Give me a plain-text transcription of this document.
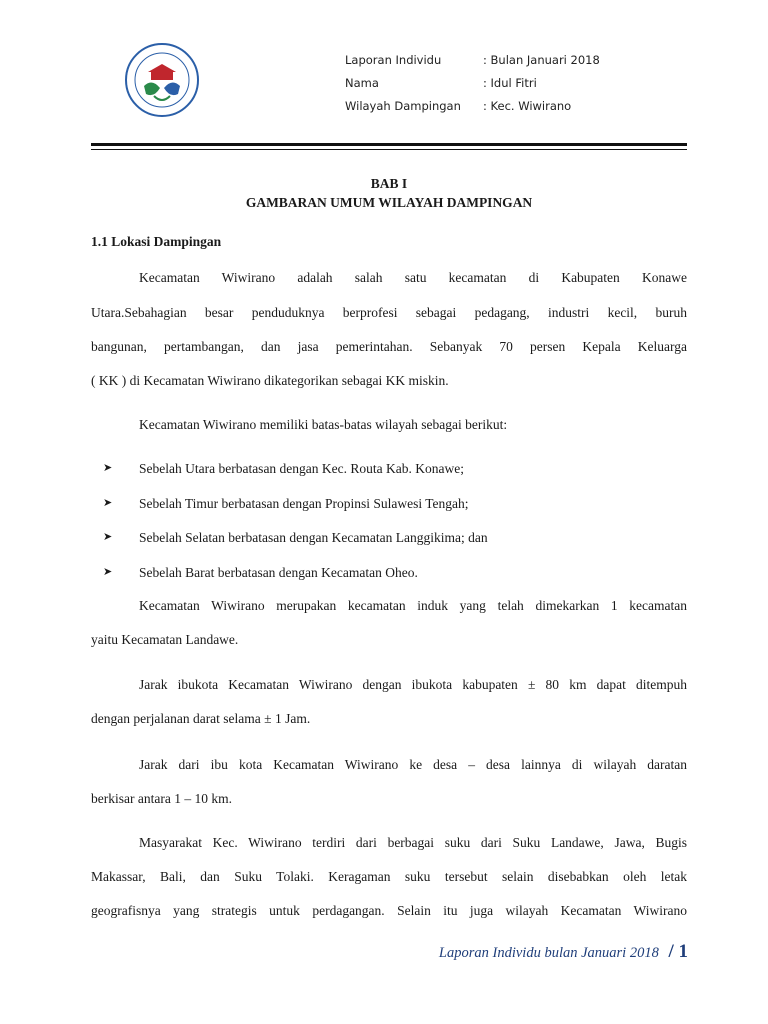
Laporan Individu	: Bulan Januari 2018
Nama	: Idul Fitri
Wilayah Dampingan	: Kec. Wiwirano
BAB I
GAMBARAN UMUM WILAYAH DAMPINGAN
1.1 Lokasi Dampingan
Kecamatan Wiwirano adalah salah satu kecamatan di Kabupaten Konawe
Utara.Sebahagian besar penduduknya berprofesi sebagai pedagang, industri kecil, buruh
bangunan, pertambangan, dan jasa pemerintahan. Sebanyak 70 persen Kepala Keluarga
( KK ) di Kecamatan Wiwirano dikategorikan sebagai KK miskin.
Kecamatan Wiwirano memiliki batas-batas wilayah sebagai berikut:
➤ Sebelah Utara berbatasan dengan Kec. Routa Kab. Konawe;
➤ Sebelah Timur berbatasan dengan Propinsi Sulawesi Tengah;
➤ Sebelah Selatan berbatasan dengan Kecamatan Langgikima; dan
➤ Sebelah Barat berbatasan dengan Kecamatan Oheo.
Kecamatan Wiwirano merupakan kecamatan induk yang telah dimekarkan 1 kecamatan
yaitu Kecamatan Landawe.
Jarak ibukota Kecamatan Wiwirano dengan ibukota kabupaten ± 80 km dapat ditempuh
dengan perjalanan darat selama ± 1 Jam.
Jarak dari ibu kota Kecamatan Wiwirano ke desa – desa lainnya di wilayah daratan
berkisar antara 1 – 10 km.
Masyarakat Kec. Wiwirano terdiri dari berbagai suku dari Suku Landawe, Jawa, Bugis
Makassar, Bali, dan Suku Tolaki. Keragaman suku tersebut selain disebabkan oleh letak
geografisnya yang strategis untuk perdagangan. Selain itu juga wilayah Kecamatan Wiwirano
Laporan Individu bulan Januari 2018 / 1
